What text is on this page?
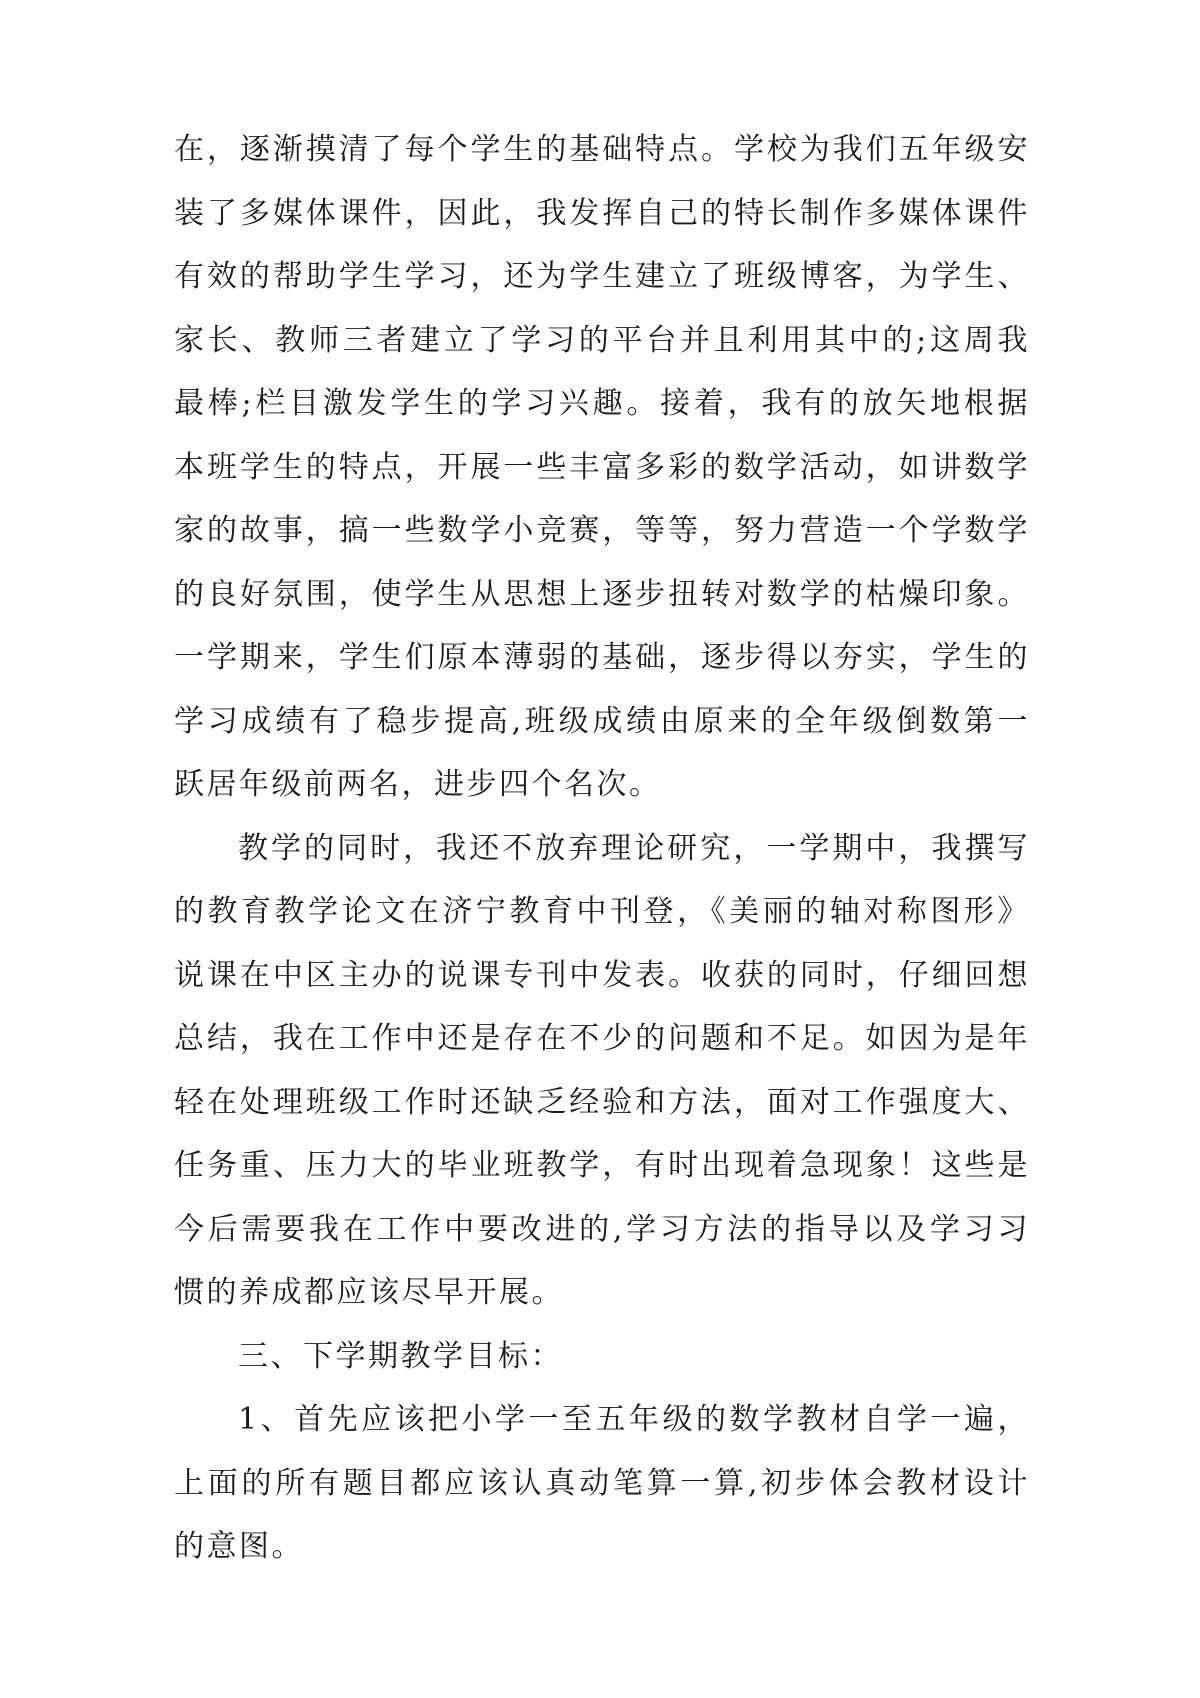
在，逐渐摸清了每个学生的基础特点。学校为我们五年级安装了多媒体课件，因此，我发挥自己的特长制作多媒体课件有效的帮助学生学习，还为学生建立了班级博客，为学生、家长、教师三者建立了学习的平台并且利用其中的;这周我最棒;栏目激发学生的学习兴趣。接着，我有的放矢地根据本班学生的特点，开展一些丰富多彩的数学活动，如讲数学家的故事，搞一些数学小竞赛，等等，努力营造一个学数学的良好氛围，使学生从思想上逐步扭转对数学的枯燥印象。一学期来，学生们原本薄弱的基础，逐步得以夯实，学生的学习成绩有了稳步提高,班级成绩由原来的全年级倒数第一跃居年级前两名，进步四个名次。

教学的同时，我还不放弃理论研究，一学期中，我撰写的教育教学论文在济宁教育中刊登，《美丽的轴对称图形》说课在中区主办的说课专刊中发表。收获的同时，仔细回想总结，我在工作中还是存在不少的问题和不足。如因为是年轻在处理班级工作时还缺乏经验和方法，面对工作强度大、任务重、压力大的毕业班教学，有时出现着急现象！这些是今后需要我在工作中要改进的,学习方法的指导以及学习习惯的养成都应该尽早开展。

三、下学期教学目标：

1、首先应该把小学一至五年级的数学教材自学一遍，上面的所有题目都应该认真动笔算一算,初步体会教材设计的意图。
